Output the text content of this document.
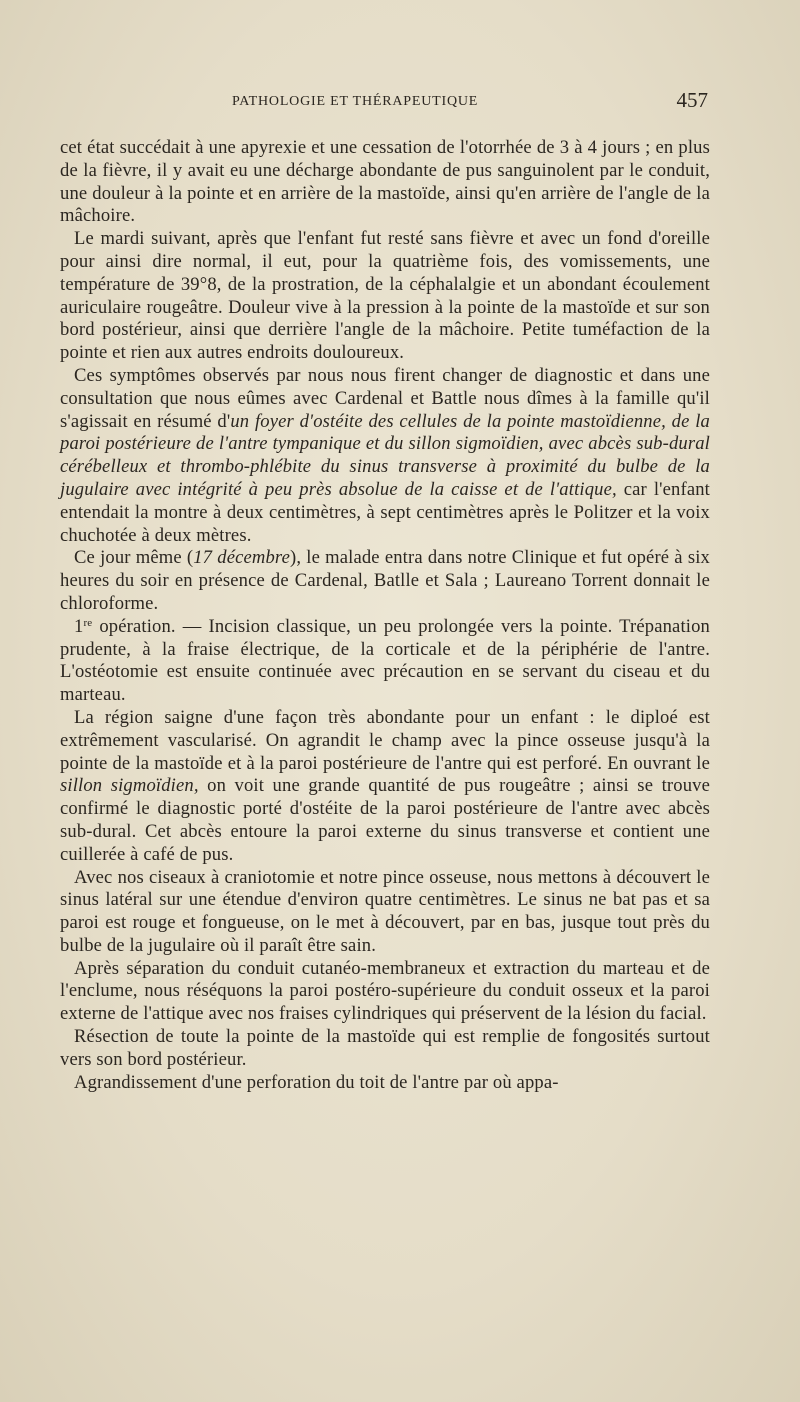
PATHOLOGIE ET THÉRAPEUTIQUE	457

cet état succédait à une apyrexie et une cessation de l'otorrhée de 3 à 4 jours ; en plus de la fièvre, il y avait eu une décharge abondante de pus sanguinolent par le conduit, une douleur à la pointe et en arrière de la mastoïde, ainsi qu'en arrière de l'angle de la mâchoire.

Le mardi suivant, après que l'enfant fut resté sans fièvre et avec un fond d'oreille pour ainsi dire normal, il eut, pour la quatrième fois, des vomissements, une température de 39°8, de la prostration, de la céphalalgie et un abondant écoulement auriculaire rougeâtre. Douleur vive à la pression à la pointe de la mastoïde et sur son bord postérieur, ainsi que derrière l'angle de la mâchoire. Petite tuméfaction de la pointe et rien aux autres endroits douloureux.

Ces symptômes observés par nous nous firent changer de diagnostic et dans une consultation que nous eûmes avec Cardenal et Battle nous dîmes à la famille qu'il s'agissait en résumé d'un foyer d'ostéite des cellules de la pointe mastoïdienne, de la paroi postérieure de l'antre tympanique et du sillon sigmoïdien, avec abcès sub-dural cérébelleux et thrombo-phlébite du sinus transverse à proximité du bulbe de la jugulaire avec intégrité à peu près absolue de la caisse et de l'attique, car l'enfant entendait la montre à deux centimètres, à sept centimètres après le Politzer et la voix chuchotée à deux mètres.

Ce jour même (17 décembre), le malade entra dans notre Clinique et fut opéré à six heures du soir en présence de Cardenal, Batlle et Sala ; Laureano Torrent donnait le chloroforme.

1re opération. — Incision classique, un peu prolongée vers la pointe. Trépanation prudente, à la fraise électrique, de la corticale et de la périphérie de l'antre. L'ostéotomie est ensuite continuée avec précaution en se servant du ciseau et du marteau.

La région saigne d'une façon très abondante pour un enfant : le diploé est extrêmement vascularisé. On agrandit le champ avec la pince osseuse jusqu'à la pointe de la mastoïde et à la paroi postérieure de l'antre qui est perforé. En ouvrant le sillon sigmoïdien, on voit une grande quantité de pus rougeâtre ; ainsi se trouve confirmé le diagnostic porté d'ostéite de la paroi postérieure de l'antre avec abcès sub-dural. Cet abcès entoure la paroi externe du sinus transverse et contient une cuillerée à café de pus.

Avec nos ciseaux à craniotomie et notre pince osseuse, nous mettons à découvert le sinus latéral sur une étendue d'environ quatre centimètres. Le sinus ne bat pas et sa paroi est rouge et fongueuse, on le met à découvert, par en bas, jusque tout près du bulbe de la jugulaire où il paraît être sain.

Après séparation du conduit cutanéo-membraneux et extraction du marteau et de l'enclume, nous réséquons la paroi postéro-supérieure du conduit osseux et la paroi externe de l'attique avec nos fraises cylindriques qui préservent de la lésion du facial.

Résection de toute la pointe de la mastoïde qui est remplie de fongosités surtout vers son bord postérieur.

Agrandissement d'une perforation du toit de l'antre par où appa-
